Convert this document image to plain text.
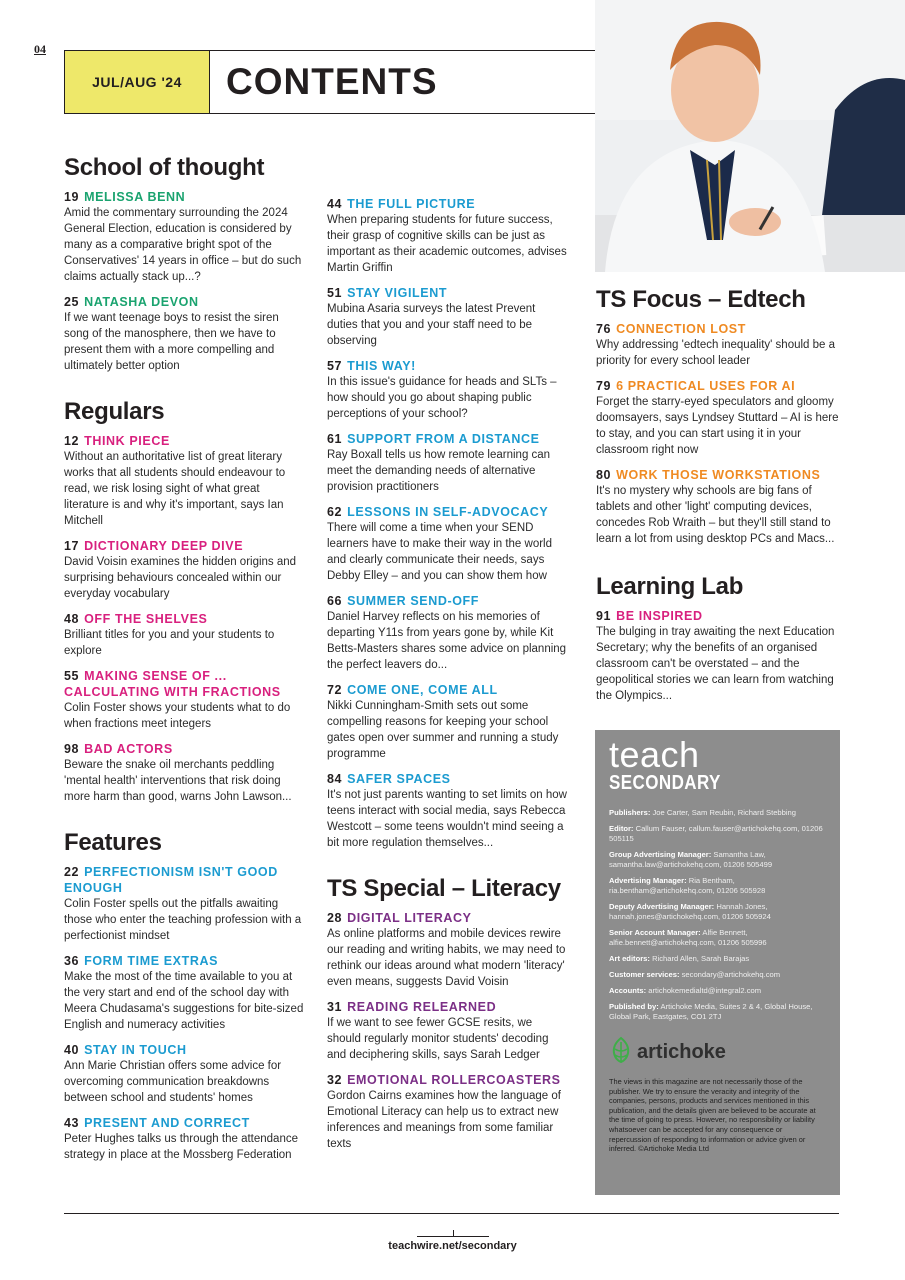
04
JUL/AUG '24	CONTENTS
School of thought
19 MELISSA BENN
Amid the commentary surrounding the 2024 General Election, education is considered by many as a comparative bright spot of the Conservatives' 14 years in office – but do such claims actually stack up...?
25 NATASHA DEVON
If we want teenage boys to resist the siren song of the manosphere, then we have to present them with a more compelling and ultimately better option
Regulars
12 THINK PIECE
Without an authoritative list of great literary works that all students should endeavour to read, we risk losing sight of what great literature is and why it's important, says Ian Mitchell
17 DICTIONARY DEEP DIVE
David Voisin examines the hidden origins and surprising behaviours concealed within our everyday vocabulary
48 OFF THE SHELVES
Brilliant titles for you and your students to explore
55 MAKING SENSE OF ... CALCULATING WITH FRACTIONS
Colin Foster shows your students what to do when fractions meet integers
98 BAD ACTORS
Beware the snake oil merchants peddling 'mental health' interventions that risk doing more harm than good, warns John Lawson...
Features
22 PERFECTIONISM ISN'T GOOD ENOUGH
Colin Foster spells out the pitfalls awaiting those who enter the teaching profession with a perfectionist mindset
36 FORM TIME EXTRAS
Make the most of the time available to you at the very start and end of the school day with Meera Chudasama's suggestions for bite-sized English and numeracy activities
40 STAY IN TOUCH
Ann Marie Christian offers some advice for overcoming communication breakdowns between school and students' homes
43 PRESENT AND CORRECT
Peter Hughes talks us through the attendance strategy in place at the Mossberg Federation
44 THE FULL PICTURE
When preparing students for future success, their grasp of cognitive skills can be just as important as their academic outcomes, advises Martin Griffin
51 STAY VIGILENT
Mubina Asaria surveys the latest Prevent duties that you and your staff need to be observing
57 THIS WAY!
In this issue's guidance for heads and SLTs – how should you go about shaping public perceptions of your school?
61 SUPPORT FROM A DISTANCE
Ray Boxall tells us how remote learning can meet the demanding needs of alternative provision practitioners
62 LESSONS IN SELF-ADVOCACY
There will come a time when your SEND learners have to make their way in the world and clearly communicate their needs, says Debby Elley – and you can show them how
66 SUMMER SEND-OFF
Daniel Harvey reflects on his memories of departing Y11s from years gone by, while Kit Betts-Masters shares some advice on planning the perfect leavers do...
72 COME ONE, COME ALL
Nikki Cunningham-Smith sets out some compelling reasons for keeping your school gates open over summer and running a study programme
84 SAFER SPACES
It's not just parents wanting to set limits on how teens interact with social media, says Rebecca Westcott – some teens wouldn't mind seeing a bit more regulation themselves...
TS Special – Literacy
28 DIGITAL LITERACY
As online platforms and mobile devices rewire our reading and writing habits, we may need to rethink our ideas around what modern 'literacy' even means, suggests David Voisin
31 READING RELEARNED
If we want to see fewer GCSE resits, we should regularly monitor students' decoding and deciphering skills, says Sarah Ledger
32 EMOTIONAL ROLLERCOASTERS
Gordon Cairns examines how the language of Emotional Literacy can help us to extract new inferences and meanings from some familiar texts
TS Focus – Edtech
76 CONNECTION LOST
Why addressing 'edtech inequality' should be a priority for every school leader
79 6 PRACTICAL USES FOR AI
Forget the starry-eyed speculators and gloomy doomsayers, says Lyndsey Stuttard – AI is here to stay, and you can start using it in your classroom right now
80 WORK THOSE WORKSTATIONS
It's no mystery why schools are big fans of tablets and other 'light' computing devices, concedes Rob Wraith – but they'll still stand to learn a lot from using desktop PCs and Macs...
Learning Lab
91 BE INSPIRED
The bulging in tray awaiting the next Education Secretary; why the benefits of an organised classroom can't be overstated – and the geopolitical stories we can learn from watching the Olympics...
teach
SECONDARY
Publishers: Joe Carter, Sam Reubin, Richard Stebbing
Editor: Callum Fauser, callum.fauser@artichokehq.com, 01206 505115
Group Advertising Manager: Samantha Law, samantha.law@artichokehq.com, 01206 505499
Advertising Manager: Ria Bentham, ria.bentham@artichokehq.com, 01206 505928
Deputy Advertising Manager: Hannah Jones, hannah.jones@artichokehq.com, 01206 505924
Senior Account Manager: Alfie Bennett, alfie.bennett@artichokehq.com, 01206 505996
Art editors: Richard Allen, Sarah Barajas
Customer services: secondary@artichokehq.com
Accounts: artichokemedialtd@integral2.com
Published by: Artichoke Media, Suites 2 & 4, Global House, Global Park, Eastgates, CO1 2TJ
artichoke
The views in this magazine are not necessarily those of the publisher. We try to ensure the veracity and integrity of the companies, persons, products and services mentioned in this publication, and the details given are believed to be accurate at the time of going to press. However, no responsibility or liability whatsoever can be accepted for any consequence or repercussion of responding to information or advice given or inferred. ©Artichoke Media Ltd
teachwire.net/secondary
